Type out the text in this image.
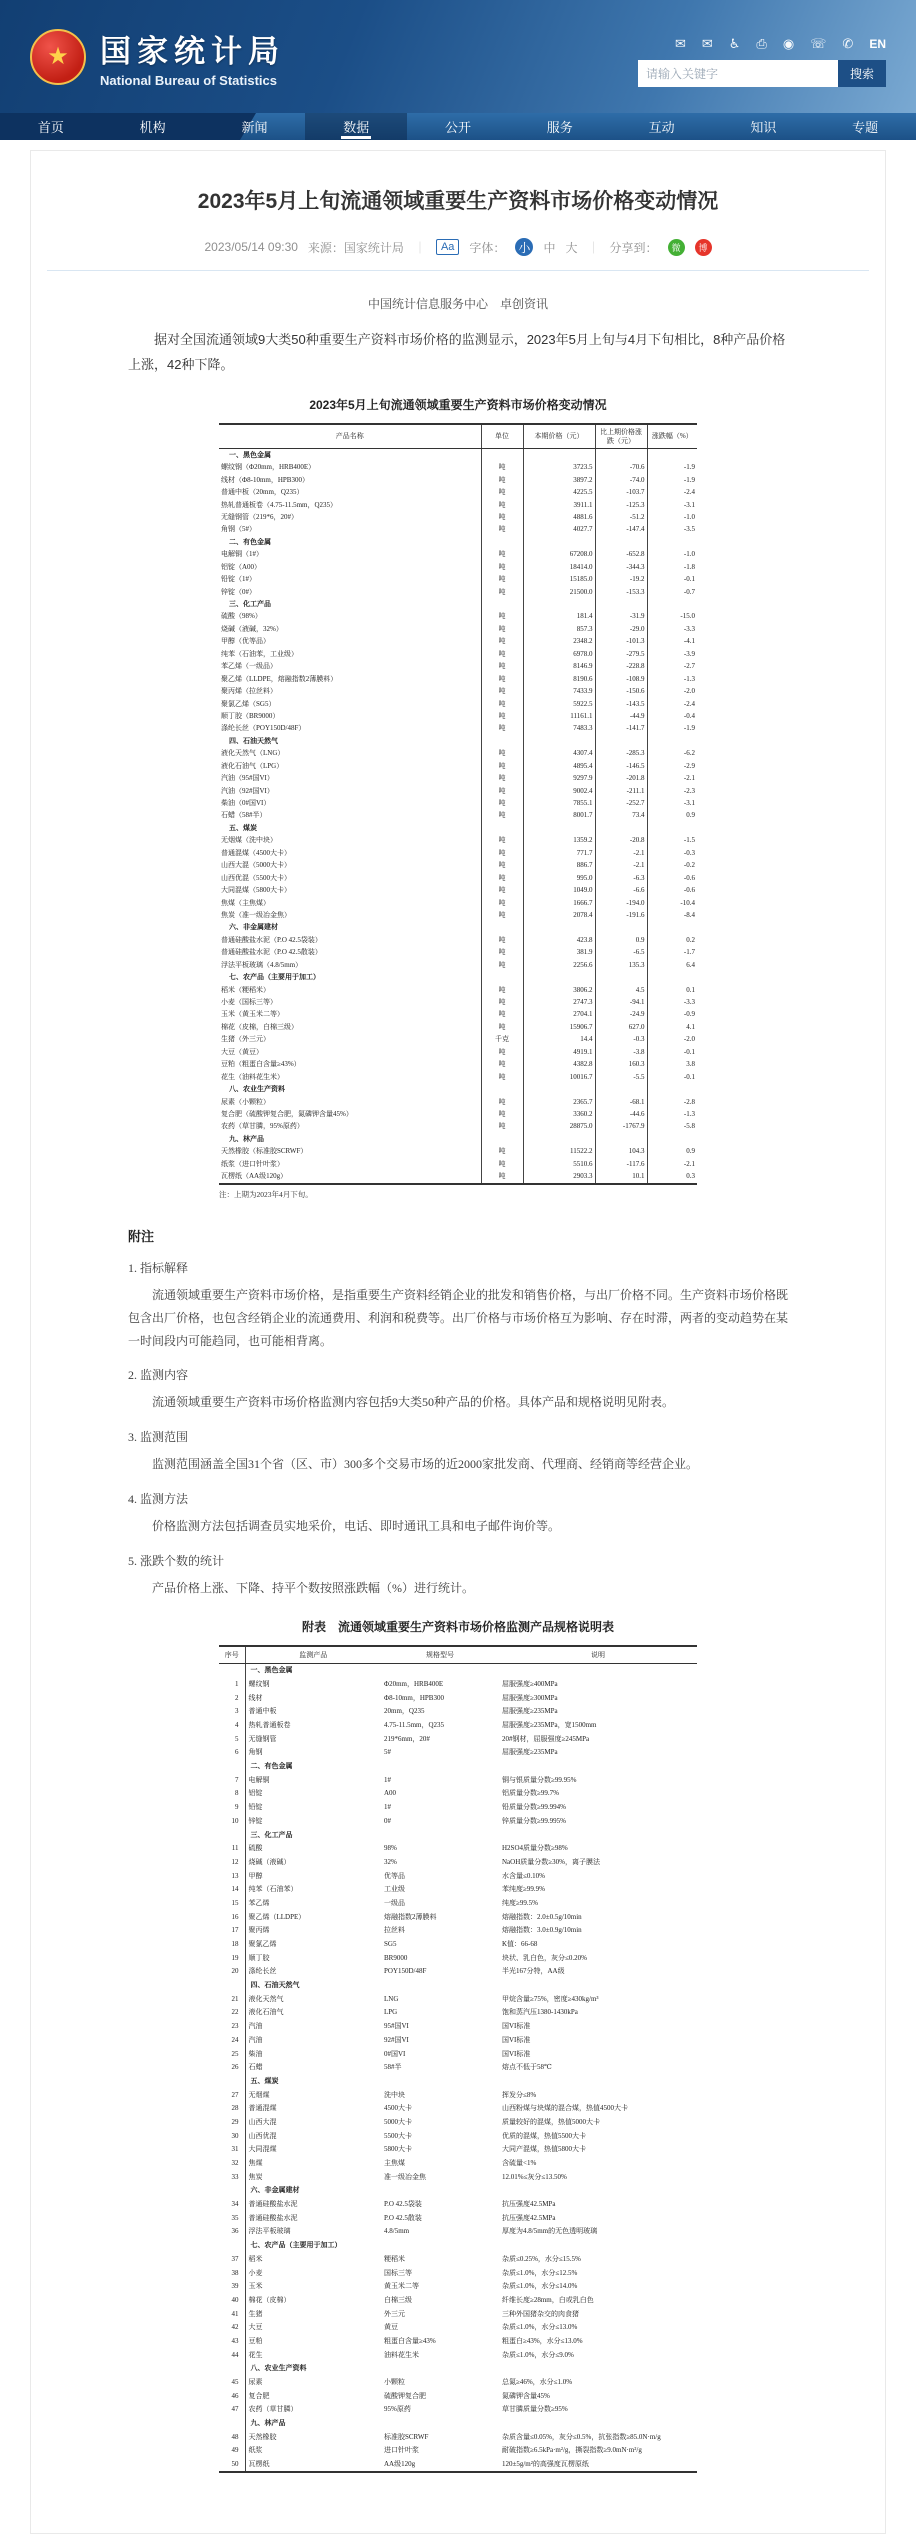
★ 国家统计局
National Bureau of Statistics
✉ ✉ ♿ ⎙ ◉ ☏ ✆ EN
请输入关键字
搜索
首页	机构	新闻	数据	公开	服务	互动	知识	专题
2023年5月上旬流通领域重要生产资料市场价格变动情况
2023/05/14 09:30 来源：国家统计局 ｜	Aa	字体： 小 中 大 ｜ 分享到：	微	博
中国统计信息服务中心　卓创资讯

据对全国流通领域9大类50种重要生产资料市场价格的监测显示，2023年5月上旬与4月下旬相比，8种产品价格上涨，42种下降。

2023年5月上旬流通领域重要生产资料市场价格变动情况
产品名称	单位	本期价格（元）	比上期价格涨跌（元）	涨跌幅（%）
一、黑色金属				
螺纹钢（Φ20mm，HRB400E）	吨	3723.5	-70.6	-1.9
线材（Φ8-10mm，HPB300）	吨	3897.2	-74.0	-1.9
普通中板（20mm，Q235）	吨	4225.5	-103.7	-2.4
热轧普通板卷（4.75-11.5mm，Q235）	吨	3911.1	-125.3	-3.1
无缝钢管（219*6，20#）	吨	4881.6	-51.2	-1.0
角钢（5#）	吨	4027.7	-147.4	-3.5
二、有色金属				
电解铜（1#）	吨	67208.0	-652.8	-1.0
铝锭（A00）	吨	18414.0	-344.3	-1.8
铅锭（1#）	吨	15185.0	-19.2	-0.1
锌锭（0#）	吨	21500.0	-153.3	-0.7
三、化工产品				
硫酸（98%）	吨	181.4	-31.9	-15.0
烧碱（液碱，32%）	吨	857.3	-29.0	-3.3
甲醇（优等品）	吨	2348.2	-101.3	-4.1
纯苯（石油苯，工业级）	吨	6978.0	-279.5	-3.9
苯乙烯（一级品）	吨	8146.9	-228.8	-2.7
聚乙烯（LLDPE，熔融指数2薄膜料）	吨	8190.6	-108.9	-1.3
聚丙烯（拉丝料）	吨	7433.9	-150.6	-2.0
聚氯乙烯（SG5）	吨	5922.5	-143.5	-2.4
顺丁胶（BR9000）	吨	11161.1	-44.9	-0.4
涤纶长丝（POY150D/48F）	吨	7483.3	-141.7	-1.9
四、石油天然气				
液化天然气（LNG）	吨	4307.4	-285.3	-6.2
液化石油气（LPG）	吨	4895.4	-146.5	-2.9
汽油（95#国VI）	吨	9297.9	-201.8	-2.1
汽油（92#国VI）	吨	9002.4	-211.1	-2.3
柴油（0#国VI）	吨	7855.1	-252.7	-3.1
石蜡（58#半）	吨	8001.7	73.4	0.9
五、煤炭				
无烟煤（洗中块）	吨	1359.2	-20.8	-1.5
普通混煤（4500大卡）	吨	771.7	-2.1	-0.3
山西大混（5000大卡）	吨	886.7	-2.1	-0.2
山西优混（5500大卡）	吨	995.0	-6.3	-0.6
大同混煤（5800大卡）	吨	1049.0	-6.6	-0.6
焦煤（主焦煤）	吨	1666.7	-194.0	-10.4
焦炭（准一级冶金焦）	吨	2078.4	-191.6	-8.4
六、非金属建材				
普通硅酸盐水泥（P.O 42.5袋装）	吨	423.8	0.9	0.2
普通硅酸盐水泥（P.O 42.5散装）	吨	381.9	-6.5	-1.7
浮法平板玻璃（4.8/5mm）	吨	2256.6	135.3	6.4
七、农产品（主要用于加工）				
稻米（粳稻米）	吨	3806.2	4.5	0.1
小麦（国标三等）	吨	2747.3	-94.1	-3.3
玉米（黄玉米二等）	吨	2704.1	-24.9	-0.9
棉花（皮棉，白棉三级）	吨	15906.7	627.0	4.1
生猪（外三元）	千克	14.4	-0.3	-2.0
大豆（黄豆）	吨	4919.1	-3.8	-0.1
豆粕（粗蛋白含量≥43%）	吨	4382.8	160.3	3.8
花生（油料花生米）	吨	10016.7	-5.5	-0.1
八、农业生产资料				
尿素（小颗粒）	吨	2365.7	-68.1	-2.8
复合肥（硫酸钾复合肥，氮磷钾含量45%）	吨	3360.2	-44.6	-1.3
农药（草甘膦，95%原药）	吨	28875.0	-1767.9	-5.8
九、林产品				
天然橡胶（标准胶SCRWF）	吨	11522.2	104.3	0.9
纸浆（进口针叶浆）	吨	5510.6	-117.6	-2.1
瓦楞纸（AA级120g）	吨	2903.3	10.1	0.3
注：上期为2023年4月下旬。
附注
1. 指标解释

流通领域重要生产资料市场价格，是指重要生产资料经销企业的批发和销售价格，与出厂价格不同。生产资料市场价格既包含出厂价格，也包含经销企业的流通费用、利润和税费等。出厂价格与市场价格互为影响、存在时滞，两者的变动趋势在某一时间段内可能趋同，也可能相背离。

2. 监测内容

流通领域重要生产资料市场价格监测内容包括9大类50种产品的价格。具体产品和规格说明见附表。

3. 监测范围

监测范围涵盖全国31个省（区、市）300多个交易市场的近2000家批发商、代理商、经销商等经营企业。

4. 监测方法

价格监测方法包括调查员实地采价，电话、即时通讯工具和电子邮件询价等。

5. 涨跌个数的统计

产品价格上涨、下降、持平个数按照涨跌幅（%）进行统计。

附表　流通领域重要生产资料市场价格监测产品规格说明表
序号	监测产品	规格型号	说明
	一、黑色金属		
1	螺纹钢	Φ20mm，HRB400E	屈服强度≥400MPa
2	线材	Φ8-10mm，HPB300	屈服强度≥300MPa
3	普通中板	20mm，Q235	屈服强度≥235MPa
4	热轧普通板卷	4.75-11.5mm，Q235	屈服强度≥235MPa，宽1500mm
5	无缝钢管	219*6mm，20#	20#钢材，屈服强度≥245MPa
6	角钢	5#	屈服强度≥235MPa
	二、有色金属		
7	电解铜	1#	铜与银质量分数≥99.95%
8	铝锭	A00	铝质量分数≥99.7%
9	铅锭	1#	铅质量分数≥99.994%
10	锌锭	0#	锌质量分数≥99.995%
	三、化工产品		
11	硫酸	98%	H2SO4质量分数≥98%
12	烧碱（液碱）	32%	NaOH质量分数≥30%，离子膜法
13	甲醇	优等品	水含量≤0.10%
14	纯苯（石油苯）	工业级	苯纯度≥99.9%
15	苯乙烯	一级品	纯度≥99.5%
16	聚乙烯（LLDPE）	熔融指数2薄膜料	熔融指数：2.0±0.5g/10min
17	聚丙烯	拉丝料	熔融指数：3.0±0.9g/10min
18	聚氯乙烯	SG5	K值：66-68
19	顺丁胶	BR9000	块状、乳白色，灰分≤0.20%
20	涤纶长丝	POY150D/48F	半光167分特，AA级
	四、石油天然气		
21	液化天然气	LNG	甲烷含量≥75%，密度≥430kg/m³
22	液化石油气	LPG	饱和蒸汽压1380-1430kPa
23	汽油	95#国VI	国VI标准
24	汽油	92#国VI	国VI标准
25	柴油	0#国VI	国VI标准
26	石蜡	58#半	熔点不低于58℃
	五、煤炭		
27	无烟煤	洗中块	挥发分≤8%
28	普通混煤	4500大卡	山西粉煤与块煤的混合煤，热值4500大卡
29	山西大混	5000大卡	质量较好的混煤，热值5000大卡
30	山西优混	5500大卡	优质的混煤，热值5500大卡
31	大同混煤	5800大卡	大同产混煤，热值5800大卡
32	焦煤	主焦煤	含硫量<1%
33	焦炭	准一级冶金焦	12.01%≤灰分≤13.50%
	六、非金属建材		
34	普通硅酸盐水泥	P.O 42.5袋装	抗压强度42.5MPa
35	普通硅酸盐水泥	P.O 42.5散装	抗压强度42.5MPa
36	浮法平板玻璃	4.8/5mm	厚度为4.8/5mm的无色透明玻璃
	七、农产品（主要用于加工）		
37	稻米	粳稻米	杂质≤0.25%，水分≤15.5%
38	小麦	国标三等	杂质≤1.0%，水分≤12.5%
39	玉米	黄玉米二等	杂质≤1.0%，水分≤14.0%
40	棉花（皮棉）	白棉三级	纤维长度≥28mm，白或乳白色
41	生猪	外三元	三种外国猪杂交的肉食猪
42	大豆	黄豆	杂质≤1.0%，水分≤13.0%
43	豆粕	粗蛋白含量≥43%	粗蛋白≥43%，水分≤13.0%
44	花生	油料花生米	杂质≤1.0%，水分≤9.0%
	八、农业生产资料		
45	尿素	小颗粒	总氮≥46%，水分≤1.0%
46	复合肥	硫酸钾复合肥	氮磷钾含量45%
47	农药（草甘膦）	95%原药	草甘膦质量分数≥95%
	九、林产品		
48	天然橡胶	标准胶SCRWF	杂质含量≤0.05%，灰分≤0.5%，抗张指数≥85.0N·m/g
49	纸浆	进口针叶浆	耐破指数≥6.5kPa·m²/g，撕裂指数≥9.0mN·m²/g
50	瓦楞纸	AA级120g	120±5g/m²的高强度瓦楞原纸
